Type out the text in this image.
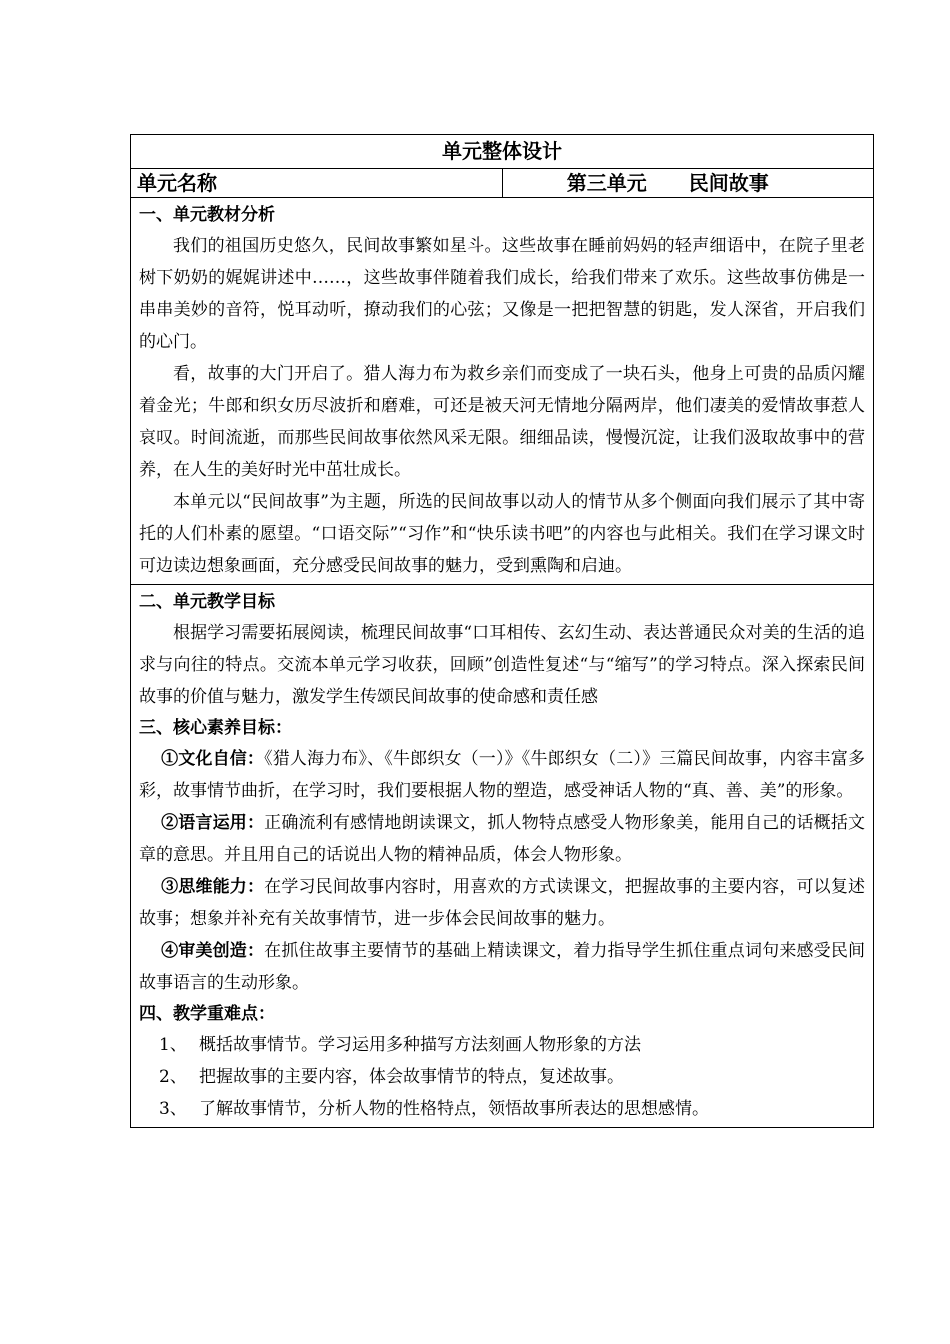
单元整体设计
单元名称	第三单元 民间故事

一、单元教材分析

我们的祖国历史悠久，民间故事繁如星斗。这些故事在睡前妈妈的轻声细语中，在院子里老树下奶奶的娓娓讲述中……，这些故事伴随着我们成长，给我们带来了欢乐。这些故事仿佛是一串串美妙的音符，悦耳动听，撩动我们的心弦；又像是一把把智慧的钥匙，发人深省，开启我们的心门。

看，故事的大门开启了。猎人海力布为救乡亲们而变成了一块石头，他身上可贵的品质闪耀着金光；牛郎和织女历尽波折和磨难，可还是被天河无情地分隔两岸，他们凄美的爱情故事惹人哀叹。时间流逝，而那些民间故事依然风采无限。细细品读，慢慢沉淀，让我们汲取故事中的营养，在人生的美好时光中茁壮成长。

本单元以“民间故事”为主题，所选的民间故事以动人的情节从多个侧面向我们展示了其中寄托的人们朴素的愿望。“口语交际”“习作”和“快乐读书吧”的内容也与此相关。我们在学习课文时可边读边想象画面，充分感受民间故事的魅力，受到熏陶和启迪。

二、单元教学目标

根据学习需要拓展阅读，梳理民间故事“口耳相传、玄幻生动、表达普通民众对美的生活的追求与向往的特点。交流本单元学习收获，回顾”创造性复述“与“缩写”的学习特点。深入探索民间故事的价值与魅力，激发学生传颂民间故事的使命感和责任感

三、核心素养目标：

①文化自信：《猎人海力布》、《牛郎织女（一）》《牛郎织女（二）》三篇民间故事，内容丰富多彩，故事情节曲折，在学习时，我们要根据人物的塑造，感受神话人物的“真、善、美”的形象。

②语言运用：正确流利有感情地朗读课文，抓人物特点感受人物形象美，能用自己的话概括文章的意思。并且用自己的话说出人物的精神品质，体会人物形象。

③思维能力：在学习民间故事内容时，用喜欢的方式读课文，把握故事的主要内容，可以复述故事；想象并补充有关故事情节，进一步体会民间故事的魅力。

④审美创造：在抓住故事主要情节的基础上精读课文，着力指导学生抓住重点词句来感受民间故事语言的生动形象。

四、教学重难点：

1、 概括故事情节。学习运用多种描写方法刻画人物形象的方法

2、 把握故事的主要内容，体会故事情节的特点，复述故事。

3、 了解故事情节，分析人物的性格特点，领悟故事所表达的思想感情。
